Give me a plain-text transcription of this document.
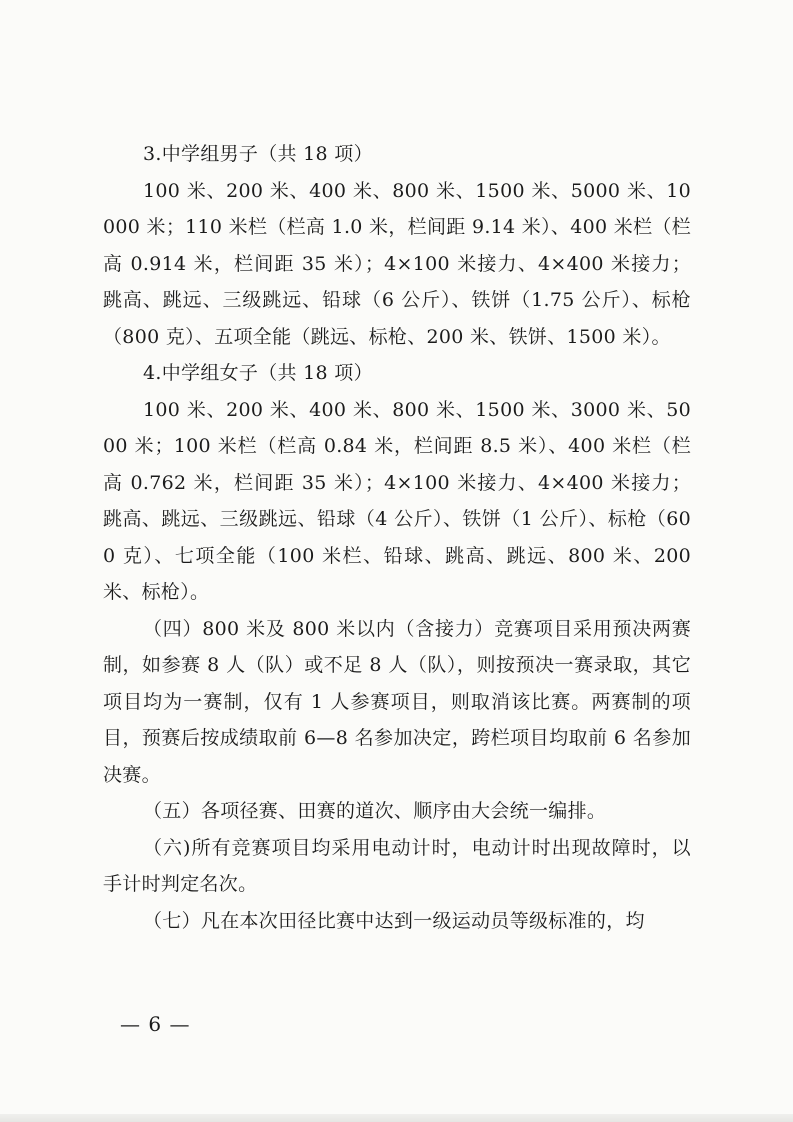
3.中学组男子（共 18 项）
100 米、200 米、400 米、800 米、1500 米、5000 米、10000 米；110 米栏（栏高 1.0 米，栏间距 9.14 米）、400 米栏（栏高 0.914 米，栏间距 35 米）；4×100 米接力、4×400 米接力；跳高、跳远、三级跳远、铅球（6 公斤）、铁饼（1.75 公斤）、标枪（800 克）、五项全能（跳远、标枪、200 米、铁饼、1500 米）。
4.中学组女子（共 18 项）
100 米、200 米、400 米、800 米、1500 米、3000 米、5000 米；100 米栏（栏高 0.84 米，栏间距 8.5 米）、400 米栏（栏高 0.762 米，栏间距 35 米）；4×100 米接力、4×400 米接力；跳高、跳远、三级跳远、铅球（4 公斤）、铁饼（1 公斤）、标枪（600 克）、七项全能（100 米栏、铅球、跳高、跳远、800 米、200 米、标枪）。
（四）800 米及 800 米以内（含接力）竞赛项目采用预决两赛制，如参赛 8 人（队）或不足 8 人（队），则按预决一赛录取，其它项目均为一赛制，仅有 1 人参赛项目，则取消该比赛。两赛制的项目，预赛后按成绩取前 6—8 名参加决定，跨栏项目均取前 6 名参加决赛。
（五）各项径赛、田赛的道次、顺序由大会统一编排。
（六)所有竞赛项目均采用电动计时，电动计时出现故障时，以手计时判定名次。
（七）凡在本次田径比赛中达到一级运动员等级标准的，均
— 6 —
